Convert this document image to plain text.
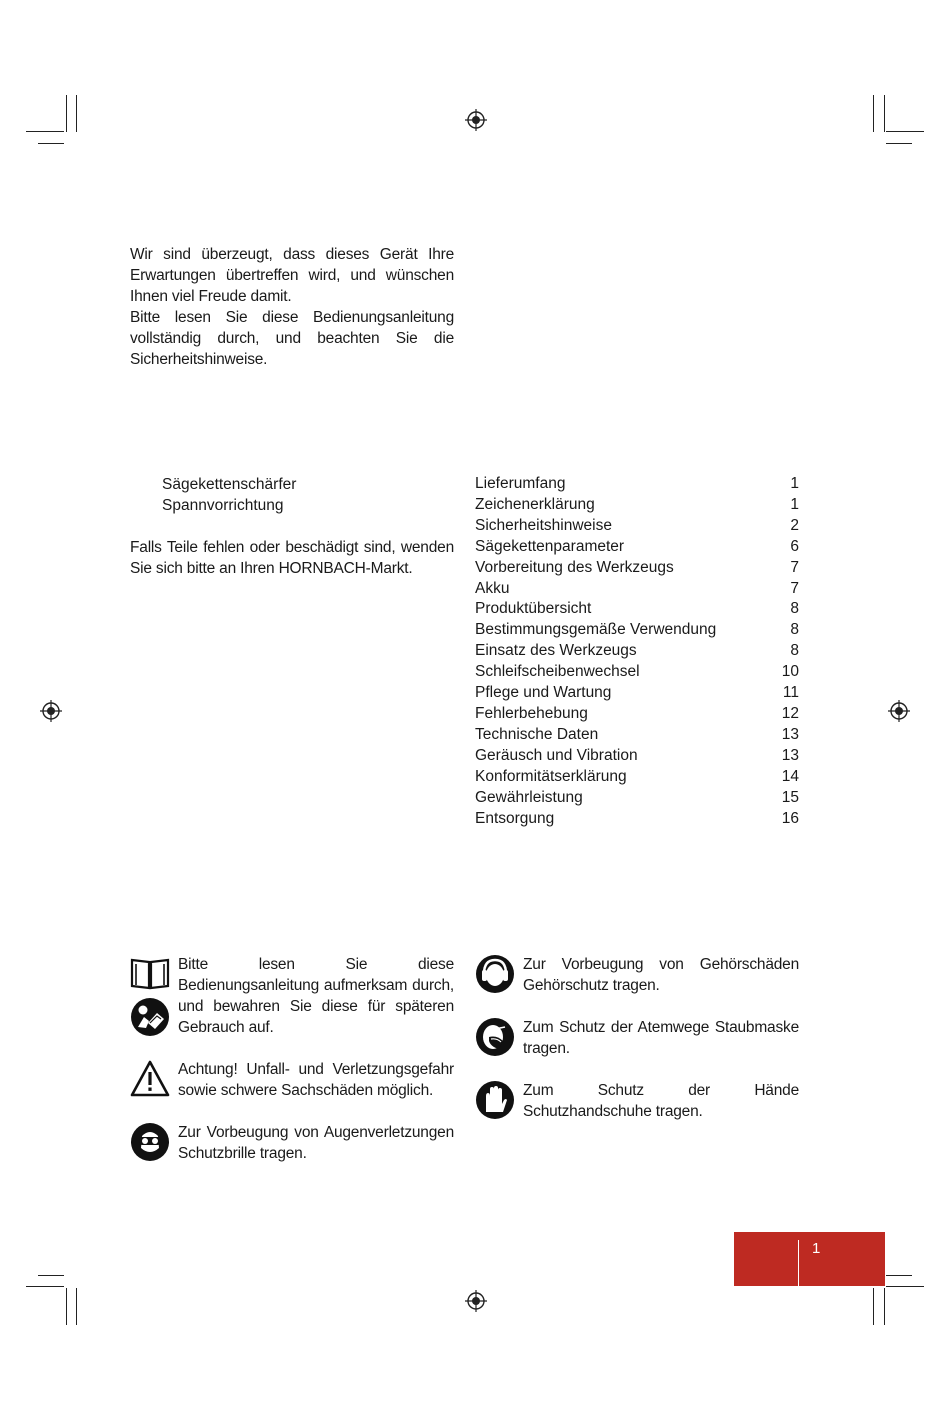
Wir sind überzeugt, dass dieses Gerät Ihre Erwartungen übertreffen wird, und wünschen Ihnen viel Freude damit.

Bitte lesen Sie diese Bedienungsanleitung vollständig durch, und beachten Sie die Sicherheitshinweise.

Sägekettenschärfer
Spannvorrichtung
Falls Teile fehlen oder beschädigt sind, wenden Sie sich bitte an Ihren HORNBACH-Markt.
Lieferumfang	1
Zeichenerklärung	1
Sicherheitshinweise	2
Sägekettenparameter	6
Vorbereitung des Werkzeugs	7
Akku	7
Produktübersicht	8
Bestimmungsgemäße Verwendung	8
Einsatz des Werkzeugs	8
Schleifscheibenwechsel	10
Pflege und Wartung	11
Fehlerbehebung	12
Technische Daten	13
Geräusch und Vibration	13
Konformitätserklärung	14
Gewährleistung	15
Entsorgung	16
Bitte lesen Sie diese Bedienungsanleitung aufmerksam durch, und bewahren Sie diese für späteren Gebrauch auf.
Achtung! Unfall- und Verletzungsgefahr sowie schwere Sachschäden möglich.
Zur Vorbeugung von Augenverletzungen Schutzbrille tragen.
Zur Vorbeugung von Gehörschäden Gehörschutz tragen.
Zum Schutz der Atemwege Staubmaske tragen.
Zum Schutz der Hände Schutzhandschuhe tragen.
1
